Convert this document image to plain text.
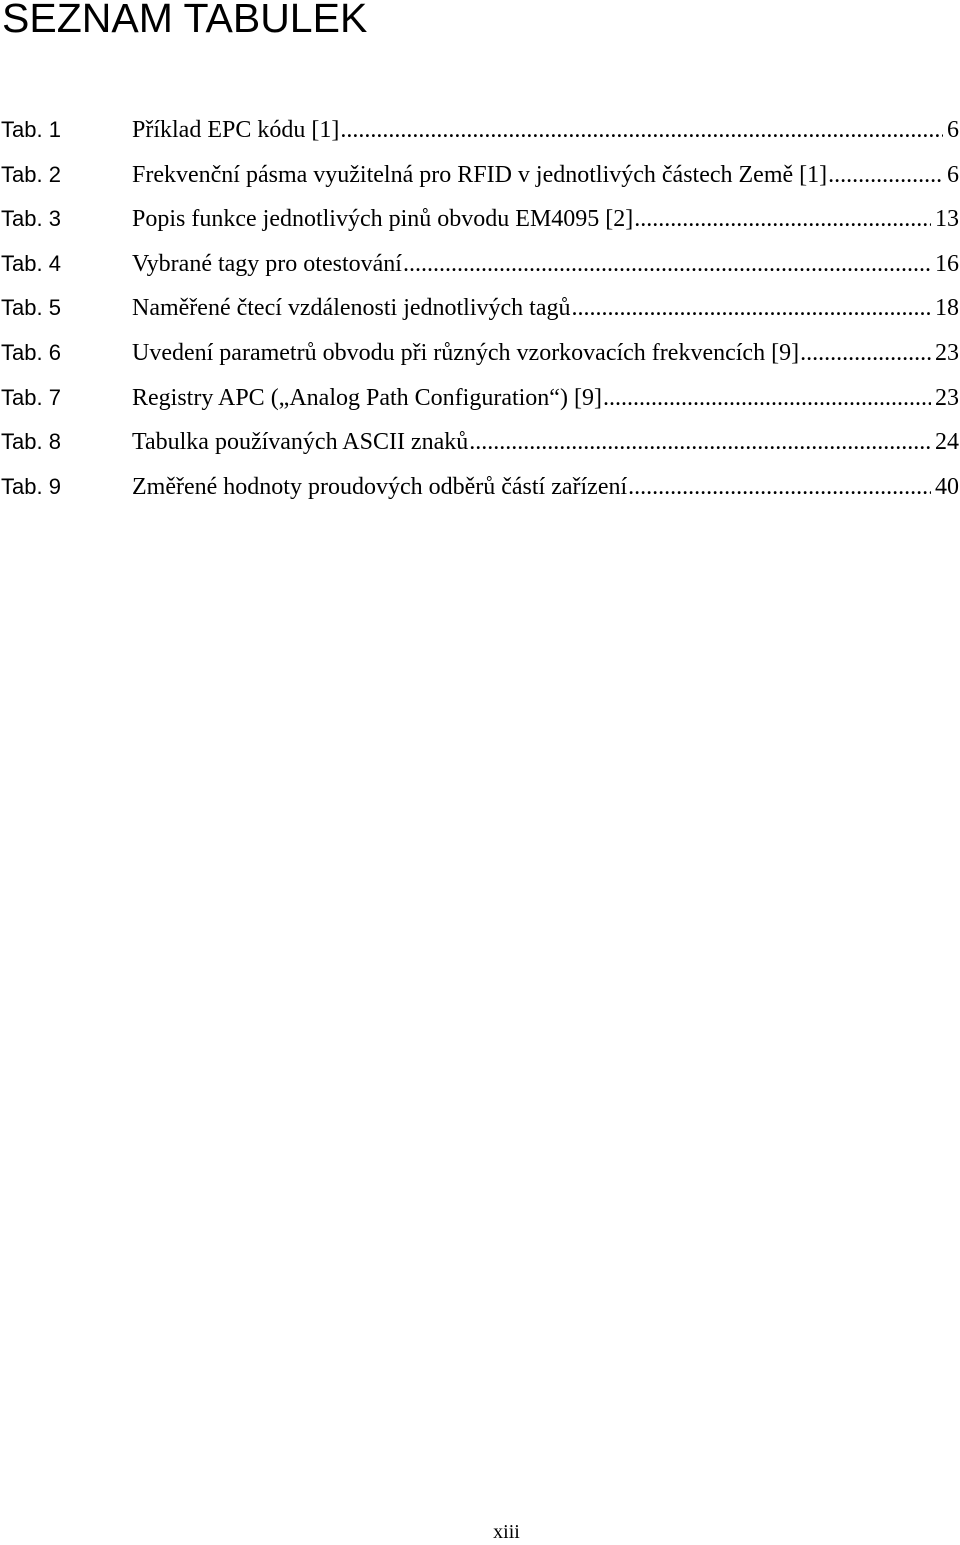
SEZNAM TABULEK
Tab. 1	Příklad EPC kódu [1] .....	6
Tab. 2	Frekvenční pásma využitelná pro RFID v jednotlivých částech Země [1] .....	6
Tab. 3	Popis funkce jednotlivých pinů obvodu EM4095 [2] .....	13
Tab. 4	Vybrané tagy pro otestování .....	16
Tab. 5	Naměřené čtecí vzdálenosti jednotlivých tagů .....	18
Tab. 6	Uvedení parametrů obvodu při různých vzorkovacích frekvencích [9] .....	23
Tab. 7	Registry APC („Analog Path Configuration“) [9] .....	23
Tab. 8	Tabulka používaných ASCII znaků .....	24
Tab. 9	Změřené hodnoty proudových odběrů částí zařízení .....	40
xiii
